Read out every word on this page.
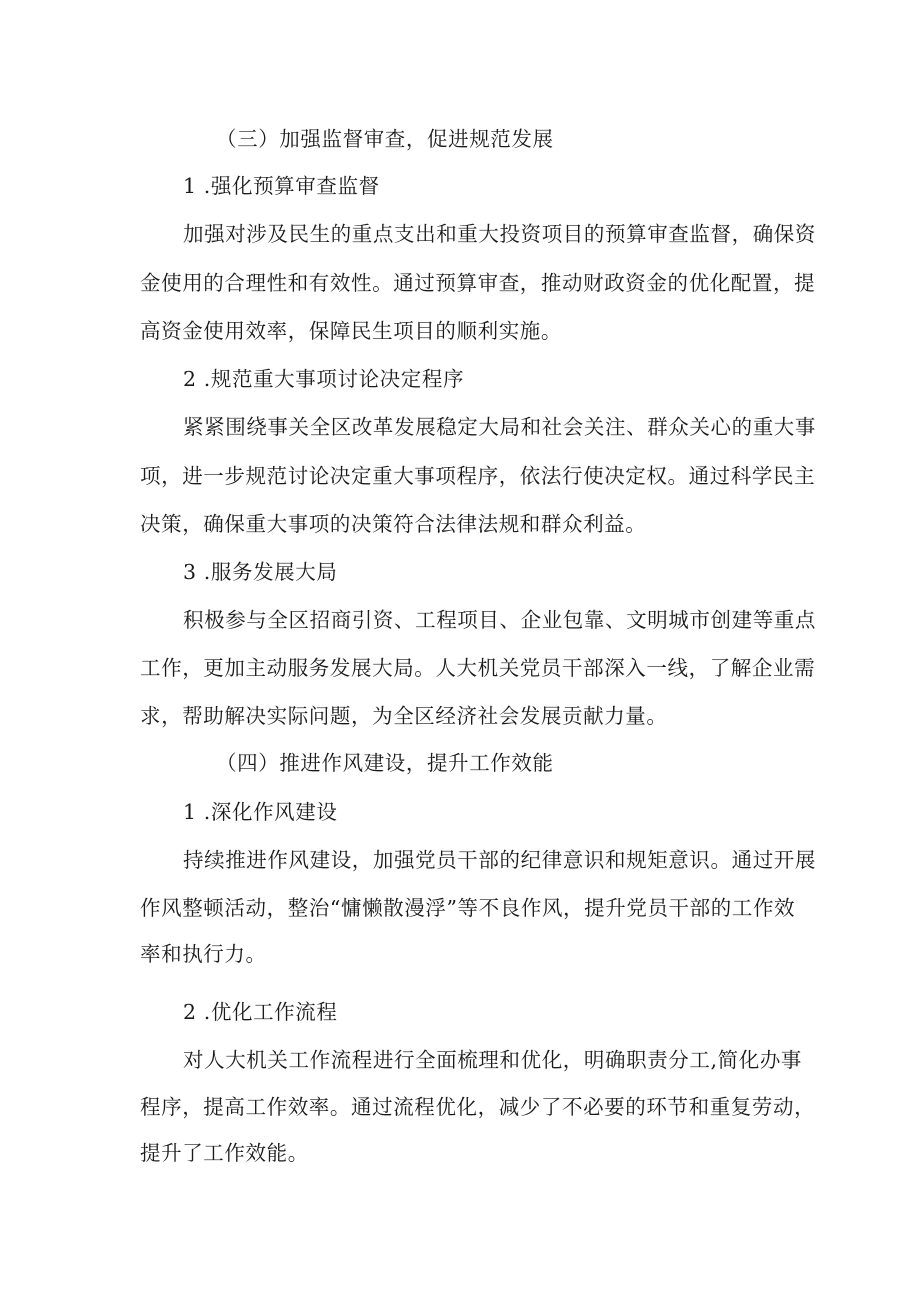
（三）加强监督审查，促进规范发展
1 .强化预算审查监督
加强对涉及民生的重点支出和重大投资项目的预算审查监督，确保资
金使用的合理性和有效性。通过预算审查，推动财政资金的优化配置，提
高资金使用效率，保障民生项目的顺利实施。
2 .规范重大事项讨论决定程序
紧紧围绕事关全区改革发展稳定大局和社会关注、群众关心的重大事
项，进一步规范讨论决定重大事项程序，依法行使决定权。通过科学民主
决策，确保重大事项的决策符合法律法规和群众利益。
3 .服务发展大局
积极参与全区招商引资、工程项目、企业包靠、文明城市创建等重点
工作，更加主动服务发展大局。人大机关党员干部深入一线，了解企业需
求，帮助解决实际问题，为全区经济社会发展贡献力量。
（四）推进作风建设，提升工作效能
1 .深化作风建设
持续推进作风建设，加强党员干部的纪律意识和规矩意识。通过开展
作风整顿活动，整治“慵懒散漫浮”等不良作风，提升党员干部的工作效
率和执行力。
2 .优化工作流程
对人大机关工作流程进行全面梳理和优化，明确职责分工,简化办事
程序，提高工作效率。通过流程优化，减少了不必要的环节和重复劳动，
提升了工作效能。
